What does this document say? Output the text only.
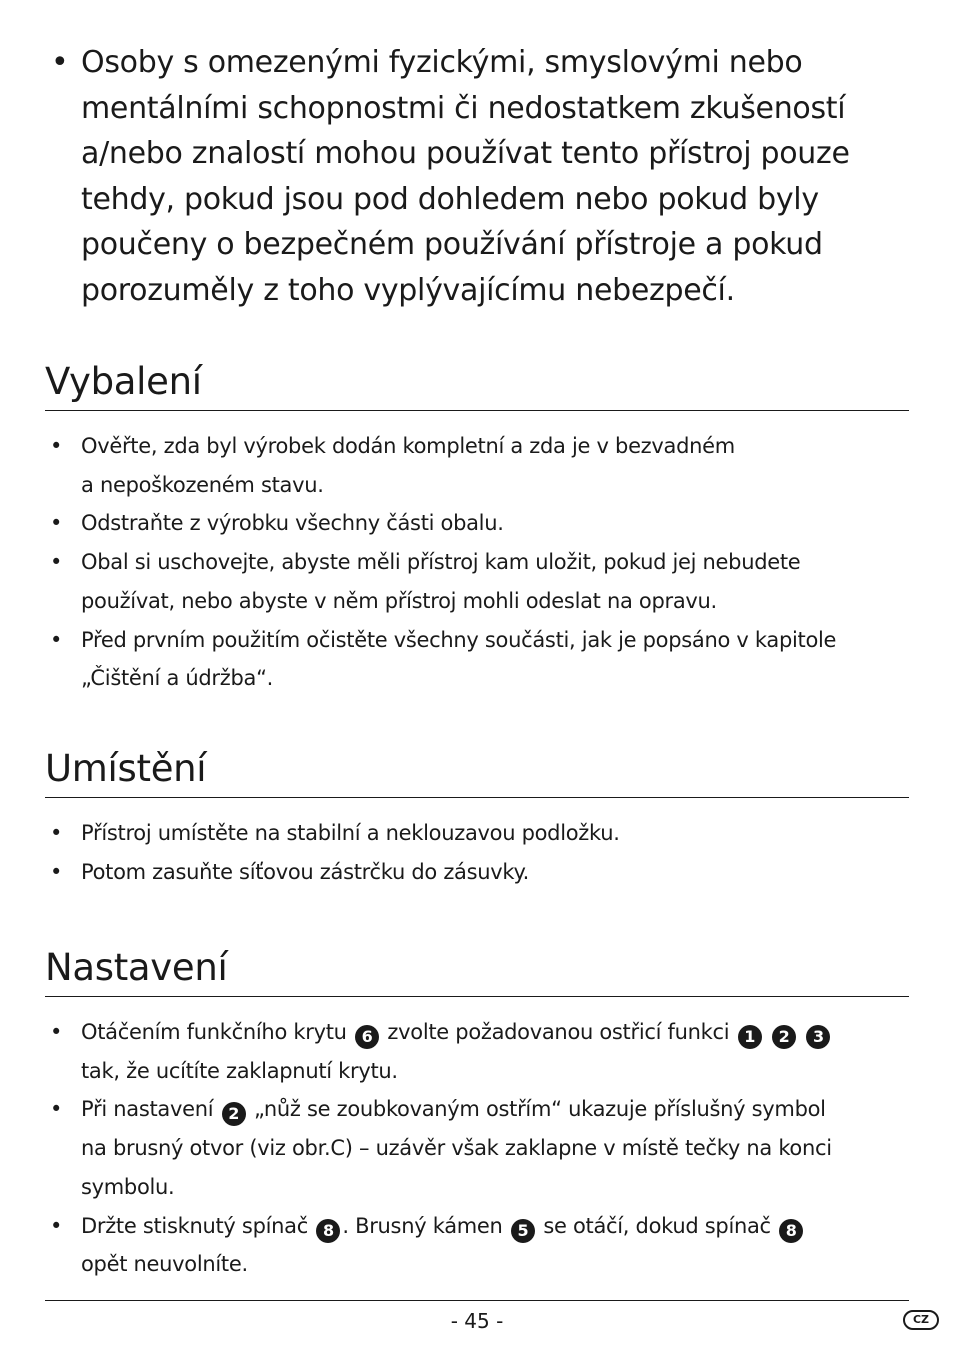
• Osoby s omezenými fyzickými, smyslovými nebo mentálními schopnostmi či nedostatkem zkušeností a/nebo znalostí mohou používat tento přístroj pouze tehdy, pokud jsou pod dohledem nebo pokud byly poučeny o bezpečném používání přístroje a pokud porozuměly z toho vyplývajícímu nebezpečí.
Vybalení
• Ověřte, zda byl výrobek dodán kompletní a zda je v bezvadném
a nepoškozeném stavu.
• Odstraňte z výrobku všechny části obalu.
• Obal si uschovejte, abyste měli přístroj kam uložit, pokud jej nebudete
používat, nebo abyste v něm přístroj mohli odeslat na opravu.
• Před prvním použitím očistěte všechny součásti, jak je popsáno v kapitole
„Čištění a údržba“.
Umístění
• Přístroj umístěte na stabilní a neklouzavou podložku.
• Potom zasuňte síťovou zástrčku do zásuvky.
Nastavení
• Otáčením funkčního krytu 6 zvolte požadovanou ostřicí funkci 1 2 3
tak, že ucítíte zaklapnutí krytu.
• Při nastavení 2 „nůž se zoubkovaným ostřím“ ukazuje příslušný symbol
na brusný otvor (viz obr.C) – uzávěr však zaklapne v místě tečky na konci
symbolu.
• Držte stisknutý spínač 8 . Brusný kámen 5 se otáčí, dokud spínač 8
opět neuvolníte.
- 45 -	CZ
